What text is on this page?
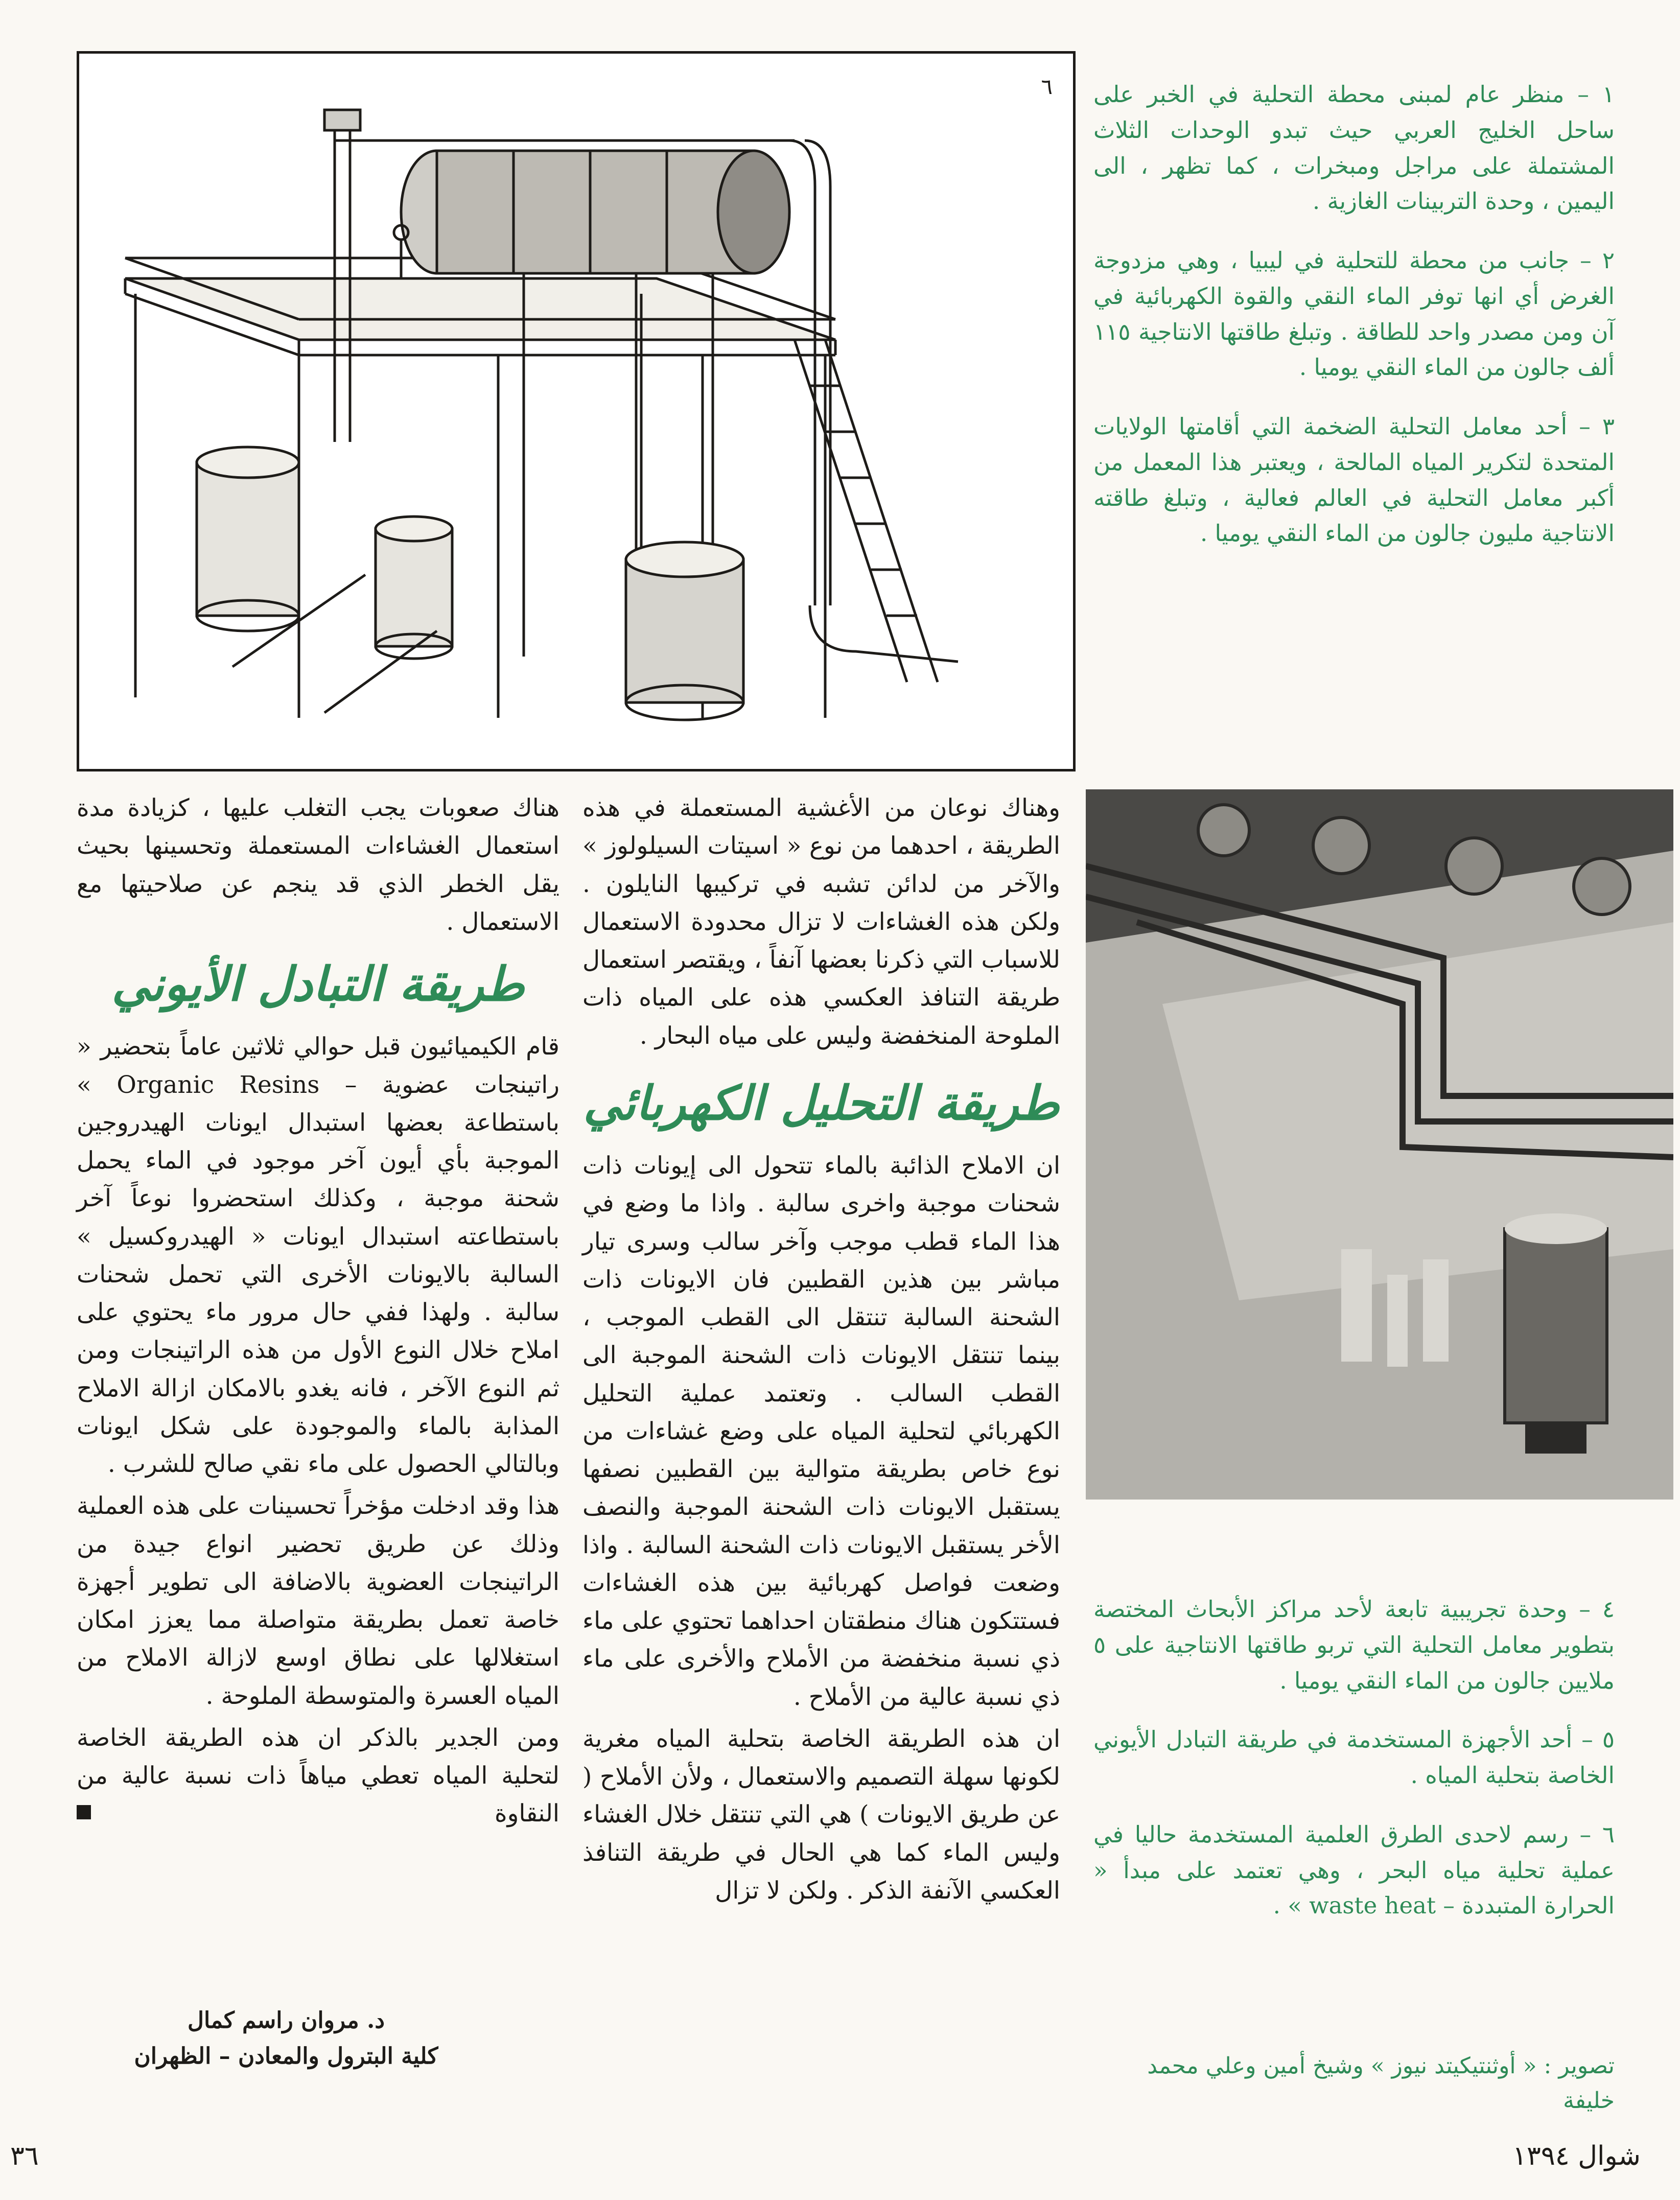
٦ ١ – منظر عام لمبنى محطة التحلية في الخبر على ساحل الخليج العربي حيث تبدو الوحدات الثلاث المشتملة على مراجل ومبخرات ، كما تظهر ، الى اليمين ، وحدة التربينات الغازية .

٢ – جانب من محطة للتحلية في ليبيا ، وهي مزدوجة الغرض أي انها توفر الماء النقي والقوة الكهربائية في آن ومن مصدر واحد للطاقة . وتبلغ طاقتها الانتاجية ١١٥ ألف جالون من الماء النقي يوميا .

٣ – أحد معامل التحلية الضخمة التي أقامتها الولايات المتحدة لتكرير المياه المالحة ، ويعتبر هذا المعمل من أكبر معامل التحلية في العالم فعالية ، وتبلغ طاقته الانتاجية مليون جالون من الماء النقي يوميا .

٤ – وحدة تجريبية تابعة لأحد مراكز الأبحاث المختصة بتطوير معامل التحلية التي تربو طاقتها الانتاجية على ٥ ملايين جالون من الماء النقي يوميا .

٥ – أحد الأجهزة المستخدمة في طريقة التبادل الأيوني الخاصة بتحلية المياه .

٦ – رسم لاحدى الطرق العلمية المستخدمة حاليا في عملية تحلية مياه البحر ، وهي تعتمد على مبدأ « الحرارة المتبددة – waste heat » .

تصوير : « أوثنتيكيتد نيوز » وشيخ أمين وعلي محمد خليفة

وهناك نوعان من الأغشية المستعملة في هذه الطريقة ، احدهما من نوع « اسيتات السيلولوز » والآخر من لدائن تشبه في تركيبها النايلون . ولكن هذه الغشاءات لا تزال محدودة الاستعمال للاسباب التي ذكرنا بعضها آنفاً ، ويقتصر استعمال طريقة التنافذ العكسي هذه على المياه ذات الملوحة المنخفضة وليس على مياه البحار .

طريقة التحليل الكهربائي

ان الاملاح الذائبة بالماء تتحول الى إيونات ذات شحنات موجبة واخرى سالبة . واذا ما وضع في هذا الماء قطب موجب وآخر سالب وسرى تيار مباشر بين هذين القطبين فان الايونات ذات الشحنة السالبة تنتقل الى القطب الموجب ، بينما تنتقل الايونات ذات الشحنة الموجبة الى القطب السالب . وتعتمد عملية التحليل الكهربائي لتحلية المياه على وضع غشاءات من نوع خاص بطريقة متوالية بين القطبين نصفها يستقبل الايونات ذات الشحنة الموجبة والنصف الأخر يستقبل الايونات ذات الشحنة السالبة . واذا وضعت فواصل كهربائية بين هذه الغشاءات فستتكون هناك منطقتان احداهما تحتوي على ماء ذي نسبة منخفضة من الأملاح والأخرى على ماء ذي نسبة عالية من الأملاح .

ان هذه الطريقة الخاصة بتحلية المياه مغرية لكونها سهلة التصميم والاستعمال ، ولأن الأملاح ( عن طريق الايونات ) هي التي تنتقل خلال الغشاء وليس الماء كما هي الحال في طريقة التنافذ العكسي الآنفة الذكر . ولكن لا تزال

هناك صعوبات يجب التغلب عليها ، كزيادة مدة استعمال الغشاءات المستعملة وتحسينها بحيث يقل الخطر الذي قد ينجم عن صلاحيتها مع الاستعمال .

طريقة التبادل الأيوني

قام الكيميائيون قبل حوالي ثلاثين عاماً بتحضير « راتينجات عضوية – Organic Resins » باستطاعة بعضها استبدال ايونات الهيدروجين الموجبة بأي أيون آخر موجود في الماء يحمل شحنة موجبة ، وكذلك استحضروا نوعاً آخر باستطاعته استبدال ايونات « الهيدروكسيل » السالبة بالايونات الأخرى التي تحمل شحنات سالبة . ولهذا ففي حال مرور ماء يحتوي على املاح خلال النوع الأول من هذه الراتينجات ومن ثم النوع الآخر ، فانه يغدو بالامكان ازالة الاملاح المذابة بالماء والموجودة على شكل ايونات وبالتالي الحصول على ماء نقي صالح للشرب .

هذا وقد ادخلت مؤخراً تحسينات على هذه العملية وذلك عن طريق تحضير انواع جيدة من الراتينجات العضوية بالاضافة الى تطوير أجهزة خاصة تعمل بطريقة متواصلة مما يعزز امكان استغلالها على نطاق اوسع لازالة الاملاح من المياه العسرة والمتوسطة الملوحة .

ومن الجدير بالذكر ان هذه الطريقة الخاصة لتحلية المياه تعطي مياهاً ذات نسبة عالية من النقاوة

د. مروان راسم كمال
كلية البترول والمعادن – الظهران
٣٦	شوال ١٣٩٤
